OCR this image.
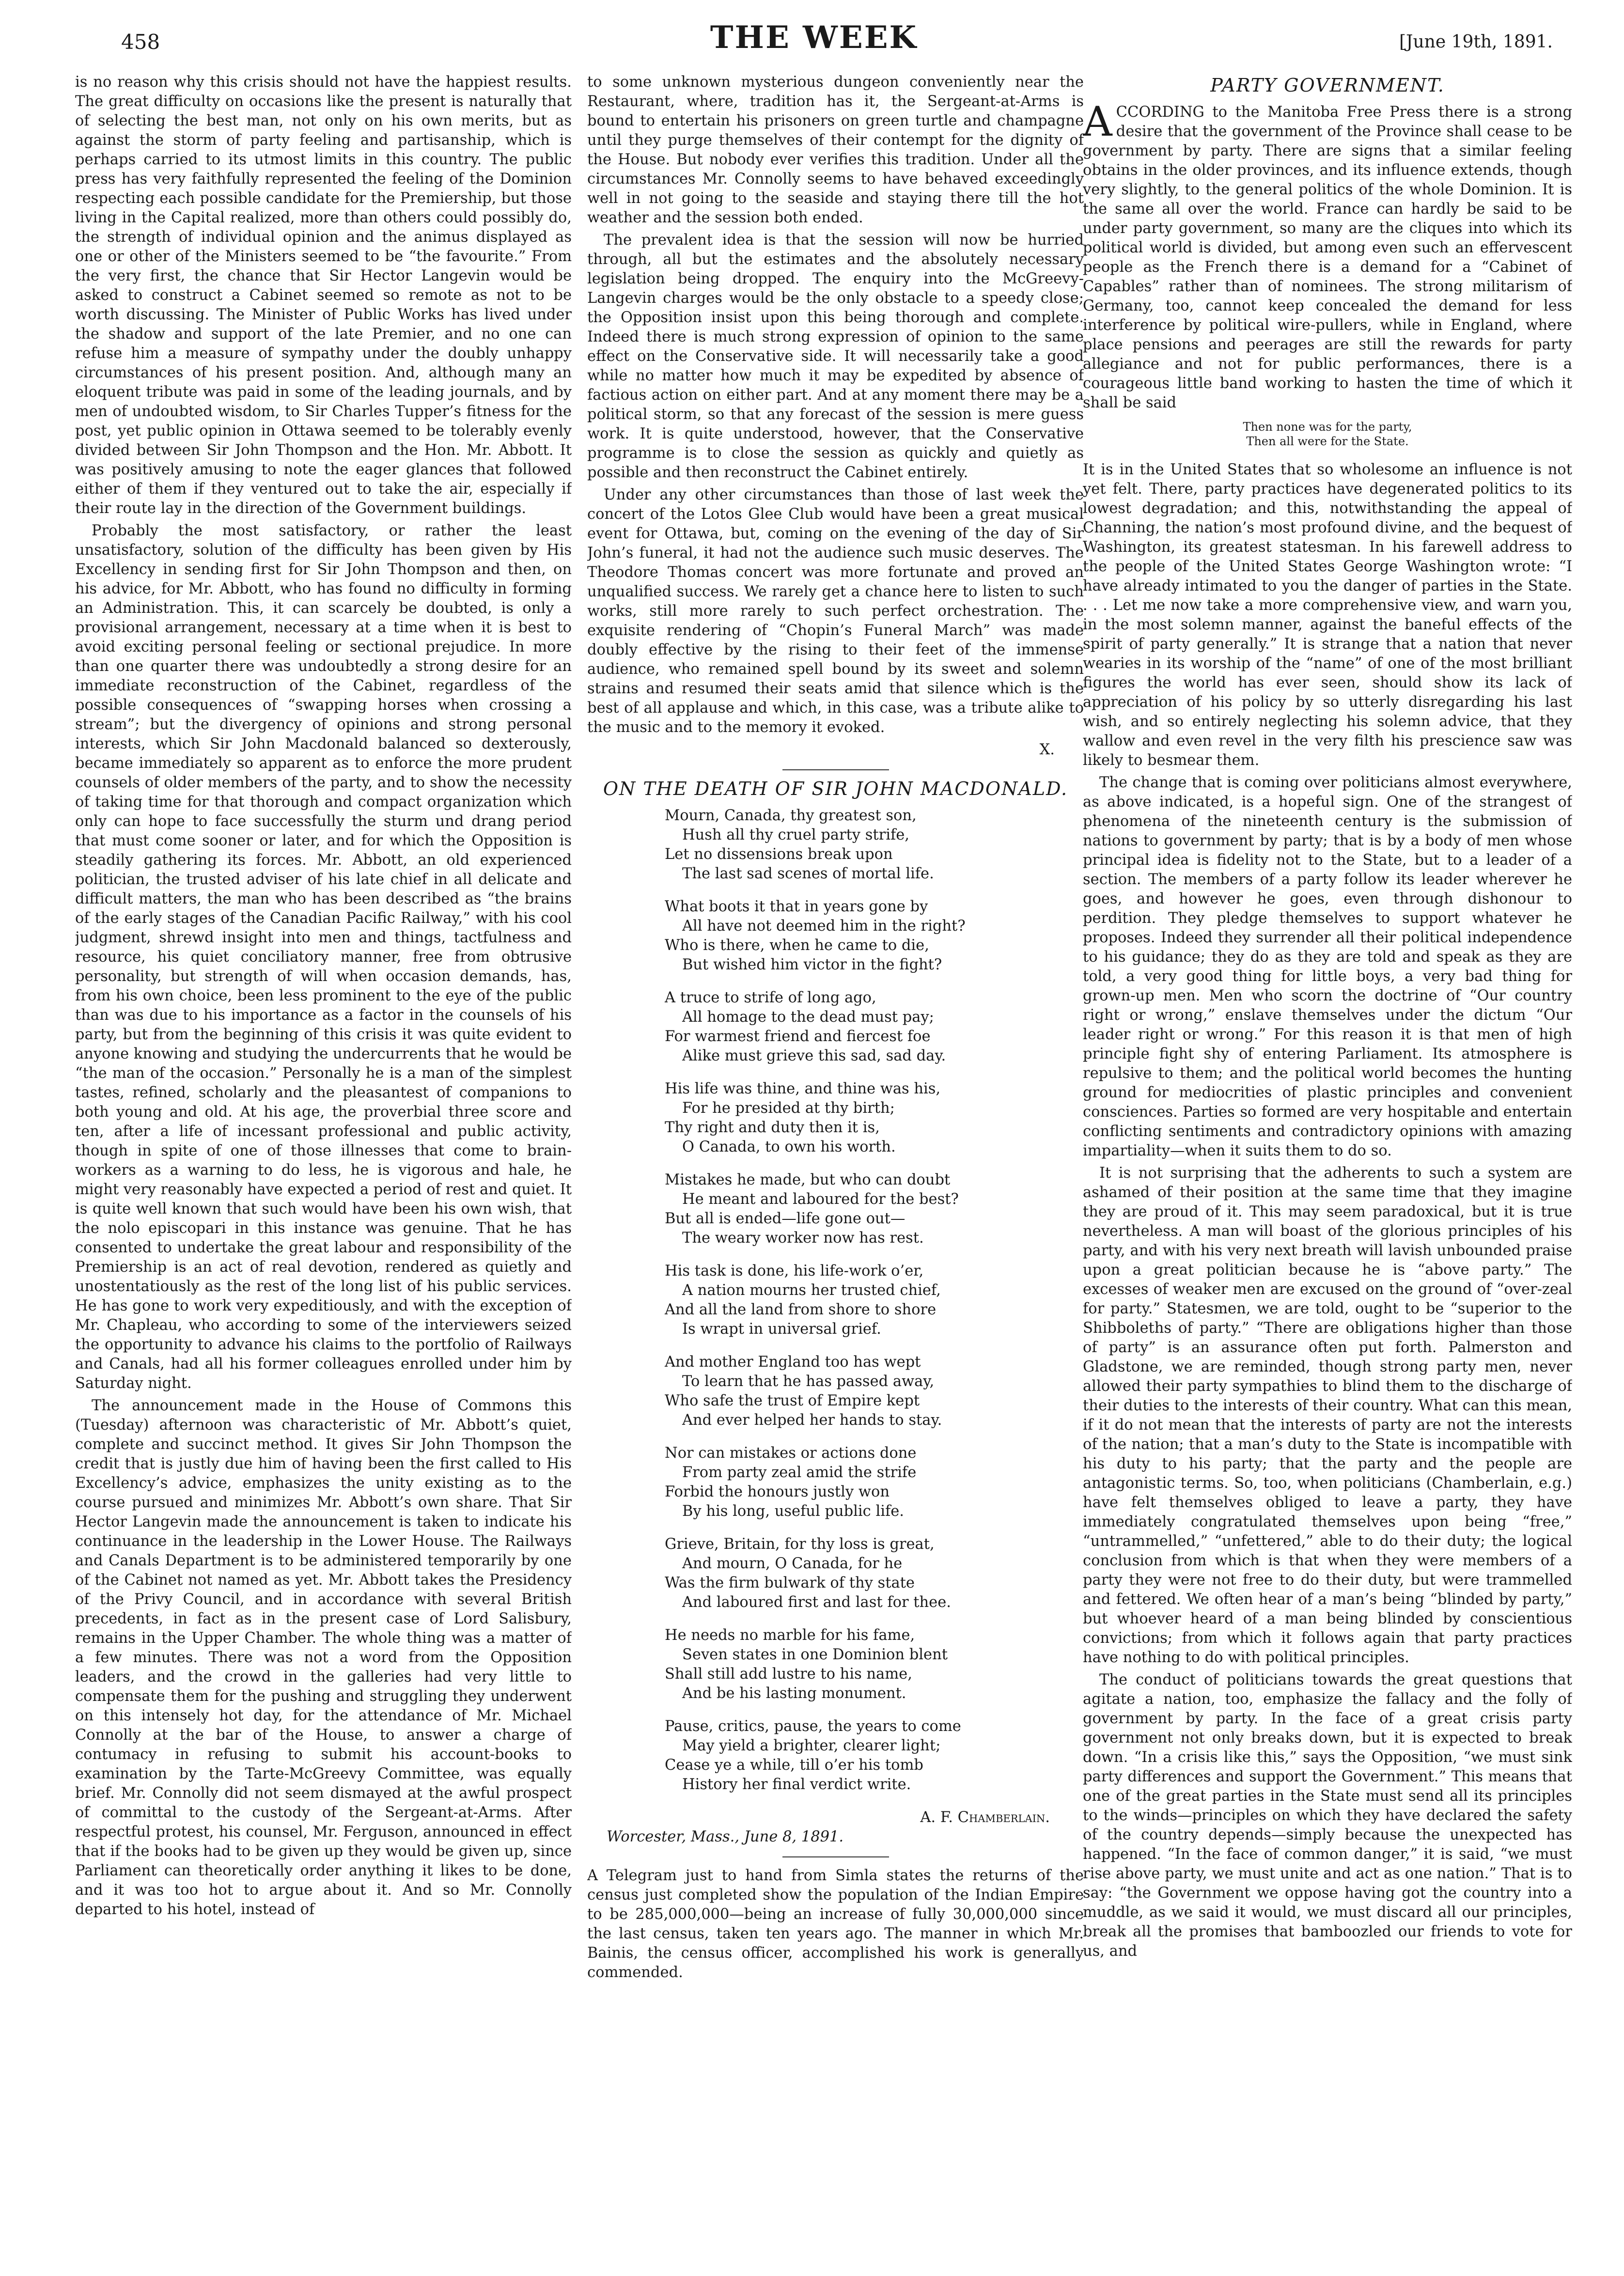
458	THE WEEK	[June 19th, 1891.

is no reason why this crisis should not have the happiest results. The great difficulty on occasions like the present is naturally that of selecting the best man, not only on his own merits, but as against the storm of party feeling and partisanship, which is perhaps carried to its utmost limits in this country. The public press has very faithfully represented the feeling of the Dominion respecting each possible candidate for the Premiership, but those living in the Capital realized, more than others could possibly do, the strength of individual opinion and the animus displayed as one or other of the Ministers seemed to be “the favourite.” From the very first, the chance that Sir Hector Langevin would be asked to construct a Cabinet seemed so remote as not to be worth discussing. The Minister of Public Works has lived under the shadow and support of the late Premier, and no one can refuse him a measure of sympathy under the doubly unhappy circumstances of his present position. And, although many an eloquent tribute was paid in some of the leading journals, and by men of undoubted wisdom, to Sir Charles Tupper’s fitness for the post, yet public opinion in Ottawa seemed to be tolerably evenly divided between Sir John Thompson and the Hon. Mr. Abbott. It was positively amusing to note the eager glances that followed either of them if they ventured out to take the air, especially if their route lay in the direction of the Government buildings.

Probably the most satisfactory, or rather the least unsatisfactory, solution of the difficulty has been given by His Excellency in sending first for Sir John Thompson and then, on his advice, for Mr. Abbott, who has found no difficulty in forming an Administration. This, it can scarcely be doubted, is only a provisional arrangement, necessary at a time when it is best to avoid exciting personal feeling or sectional prejudice. In more than one quarter there was undoubtedly a strong desire for an immediate reconstruction of the Cabinet, regardless of the possible consequences of “swapping horses when crossing a stream”; but the divergency of opinions and strong personal interests, which Sir John Macdonald balanced so dexterously, became immediately so apparent as to enforce the more prudent counsels of older members of the party, and to show the necessity of taking time for that thorough and compact organization which only can hope to face successfully the sturm und drang period that must come sooner or later, and for which the Opposition is steadily gathering its forces. Mr. Abbott, an old experienced politician, the trusted adviser of his late chief in all delicate and difficult matters, the man who has been described as “the brains of the early stages of the Canadian Pacific Railway,” with his cool judgment, shrewd insight into men and things, tactfulness and resource, his quiet conciliatory manner, free from obtrusive personality, but strength of will when occasion demands, has, from his own choice, been less prominent to the eye of the public than was due to his importance as a factor in the counsels of his party, but from the beginning of this crisis it was quite evident to anyone knowing and studying the undercurrents that he would be “the man of the occasion.” Personally he is a man of the simplest tastes, refined, scholarly and the pleasantest of companions to both young and old. At his age, the proverbial three score and ten, after a life of incessant professional and public activity, though in spite of one of those illnesses that come to brain-workers as a warning to do less, he is vigorous and hale, he might very reasonably have expected a period of rest and quiet. It is quite well known that such would have been his own wish, that the nolo episcopari in this instance was genuine. That he has consented to undertake the great labour and responsibility of the Premiership is an act of real devotion, rendered as quietly and unostentatiously as the rest of the long list of his public services. He has gone to work very expeditiously, and with the exception of Mr. Chapleau, who according to some of the interviewers seized the opportunity to advance his claims to the portfolio of Railways and Canals, had all his former colleagues enrolled under him by Saturday night.

The announcement made in the House of Commons this (Tuesday) afternoon was characteristic of Mr. Abbott’s quiet, complete and succinct method. It gives Sir John Thompson the credit that is justly due him of having been the first called to His Excellency’s advice, emphasizes the unity existing as to the course pursued and minimizes Mr. Abbott’s own share. That Sir Hector Langevin made the announcement is taken to indicate his continuance in the leadership in the Lower House. The Railways and Canals Department is to be administered temporarily by one of the Cabinet not named as yet. Mr. Abbott takes the Presidency of the Privy Council, and in accordance with several British precedents, in fact as in the present case of Lord Salisbury, remains in the Upper Chamber. The whole thing was a matter of a few minutes. There was not a word from the Opposition leaders, and the crowd in the galleries had very little to compensate them for the pushing and struggling they underwent on this intensely hot day, for the attendance of Mr. Michael Connolly at the bar of the House, to answer a charge of contumacy in refusing to submit his account-books to examination by the Tarte-McGreevy Committee, was equally brief. Mr. Connolly did not seem dismayed at the awful prospect of committal to the custody of the Sergeant-at-Arms. After respectful protest, his counsel, Mr. Ferguson, announced in effect that if the books had to be given up they would be given up, since Parliament can theoretically order anything it likes to be done, and it was too hot to argue about it. And so Mr. Connolly departed to his hotel, instead of

to some unknown mysterious dungeon conveniently near the Restaurant, where, tradition has it, the Sergeant-at-Arms is bound to entertain his prisoners on green turtle and champagne until they purge themselves of their contempt for the dignity of the House. But nobody ever verifies this tradition. Under all the circumstances Mr. Connolly seems to have behaved exceedingly well in not going to the seaside and staying there till the hot weather and the session both ended.

The prevalent idea is that the session will now be hurried through, all but the estimates and the absolutely necessary legislation being dropped. The enquiry into the McGreevy-Langevin charges would be the only obstacle to a speedy close; the Opposition insist upon this being thorough and complete. Indeed there is much strong expression of opinion to the same effect on the Conservative side. It will necessarily take a good while no matter how much it may be expedited by absence of factious action on either part. And at any moment there may be a political storm, so that any forecast of the session is mere guess work. It is quite understood, however, that the Conservative programme is to close the session as quickly and quietly as possible and then reconstruct the Cabinet entirely.

Under any other circumstances than those of last week the concert of the Lotos Glee Club would have been a great musical event for Ottawa, but, coming on the evening of the day of Sir John’s funeral, it had not the audience such music deserves. The Theodore Thomas concert was more fortunate and proved an unqualified success. We rarely get a chance here to listen to such works, still more rarely to such perfect orchestration. The exquisite rendering of “Chopin’s Funeral March” was made doubly effective by the rising to their feet of the immense audience, who remained spell bound by its sweet and solemn strains and resumed their seats amid that silence which is the best of all applause and which, in this case, was a tribute alike to the music and to the memory it evoked.

X.
ON THE DEATH OF SIR JOHN MACDONALD.
Mourn, Canada, thy greatest son,
Hush all thy cruel party strife,
Let no dissensions break upon
The last sad scenes of mortal life.
What boots it that in years gone by
All have not deemed him in the right?
Who is there, when he came to die,
But wished him victor in the fight?
A truce to strife of long ago,
All homage to the dead must pay;
For warmest friend and fiercest foe
Alike must grieve this sad, sad day.
His life was thine, and thine was his,
For he presided at thy birth;
Thy right and duty then it is,
O Canada, to own his worth.
Mistakes he made, but who can doubt
He meant and laboured for the best?
But all is ended—life gone out—
The weary worker now has rest.
His task is done, his life-work o’er,
A nation mourns her trusted chief,
And all the land from shore to shore
Is wrapt in universal grief.
And mother England too has wept
To learn that he has passed away,
Who safe the trust of Empire kept
And ever helped her hands to stay.
Nor can mistakes or actions done
From party zeal amid the strife
Forbid the honours justly won
By his long, useful public life.
Grieve, Britain, for thy loss is great,
And mourn, O Canada, for he
Was the firm bulwark of thy state
And laboured first and last for thee.
He needs no marble for his fame,
Seven states in one Dominion blent
Shall still add lustre to his name,
And be his lasting monument.
Pause, critics, pause, the years to come
May yield a brighter, clearer light;
Cease ye a while, till o’er his tomb
History her final verdict write.
A. F. Chamberlain.
Worcester, Mass., June 8, 1891.

A Telegram just to hand from Simla states the returns of the census just completed show the population of the Indian Empire to be 285,000,000—being an increase of fully 30,000,000 since the last census, taken ten years ago. The manner in which Mr. Bainis, the census officer, accomplished his work is generally commended.

PARTY GOVERNMENT.

ACCORDING to the Manitoba Free Press there is a strong desire that the government of the Province shall cease to be government by party. There are signs that a similar feeling obtains in the older provinces, and its influence extends, though very slightly, to the general politics of the whole Dominion. It is the same all over the world. France can hardly be said to be under party government, so many are the cliques into which its political world is divided, but among even such an effervescent people as the French there is a demand for a “Cabinet of Capables” rather than of nominees. The strong militarism of Germany, too, cannot keep concealed the demand for less interference by political wire-pullers, while in England, where place pensions and peerages are still the rewards for party allegiance and not for public performances, there is a courageous little band working to hasten the time of which it shall be said

Then none was for the party,
Then all were for the State.

It is in the United States that so wholesome an influence is not yet felt. There, party practices have degenerated politics to its lowest degradation; and this, notwithstanding the appeal of Channing, the nation’s most profound divine, and the bequest of Washington, its greatest statesman. In his farewell address to the people of the United States George Washington wrote: “I have already intimated to you the danger of parties in the State. . . . Let me now take a more comprehensive view, and warn you, in the most solemn manner, against the baneful effects of the spirit of party generally.” It is strange that a nation that never wearies in its worship of the “name” of one of the most brilliant figures the world has ever seen, should show its lack of appreciation of his policy by so utterly disregarding his last wish, and so entirely neglecting his solemn advice, that they wallow and even revel in the very filth his prescience saw was likely to besmear them.

The change that is coming over politicians almost everywhere, as above indicated, is a hopeful sign. One of the strangest of phenomena of the nineteenth century is the submission of nations to government by party; that is by a body of men whose principal idea is fidelity not to the State, but to a leader of a section. The members of a party follow its leader wherever he goes, and however he goes, even through dishonour to perdition. They pledge themselves to support whatever he proposes. Indeed they surrender all their political independence to his guidance; they do as they are told and speak as they are told, a very good thing for little boys, a very bad thing for grown-up men. Men who scorn the doctrine of “Our country right or wrong,” enslave themselves under the dictum “Our leader right or wrong.” For this reason it is that men of high principle fight shy of entering Parliament. Its atmosphere is repulsive to them; and the political world becomes the hunting ground for mediocrities of plastic principles and convenient consciences. Parties so formed are very hospitable and entertain conflicting sentiments and contradictory opinions with amazing impartiality—when it suits them to do so.

It is not surprising that the adherents to such a system are ashamed of their position at the same time that they imagine they are proud of it. This may seem paradoxical, but it is true nevertheless. A man will boast of the glorious principles of his party, and with his very next breath will lavish unbounded praise upon a great politician because he is “above party.” The excesses of weaker men are excused on the ground of “over-zeal for party.” Statesmen, we are told, ought to be “superior to the Shibboleths of party.” “There are obligations higher than those of party” is an assurance often put forth. Palmerston and Gladstone, we are reminded, though strong party men, never allowed their party sympathies to blind them to the discharge of their duties to the interests of their country. What can this mean, if it do not mean that the interests of party are not the interests of the nation; that a man’s duty to the State is incompatible with his duty to his party; that the party and the people are antagonistic terms. So, too, when politicians (Chamberlain, e.g.) have felt themselves obliged to leave a party, they have immediately congratulated themselves upon being “free,” “untrammelled,” “unfettered,” able to do their duty; the logical conclusion from which is that when they were members of a party they were not free to do their duty, but were trammelled and fettered. We often hear of a man’s being “blinded by party,” but whoever heard of a man being blinded by conscientious convictions; from which it follows again that party practices have nothing to do with political principles.

The conduct of politicians towards the great questions that agitate a nation, too, emphasize the fallacy and the folly of government by party. In the face of a great crisis party government not only breaks down, but it is expected to break down. “In a crisis like this,” says the Opposition, “we must sink party differences and support the Government.” This means that one of the great parties in the State must send all its principles to the winds—principles on which they have declared the safety of the country depends—simply because the unexpected has happened. “In the face of common danger,” it is said, “we must rise above party, we must unite and act as one nation.” That is to say: “the Government we oppose having got the country into a muddle, as we said it would, we must discard all our principles, break all the promises that bamboozled our friends to vote for us, and
